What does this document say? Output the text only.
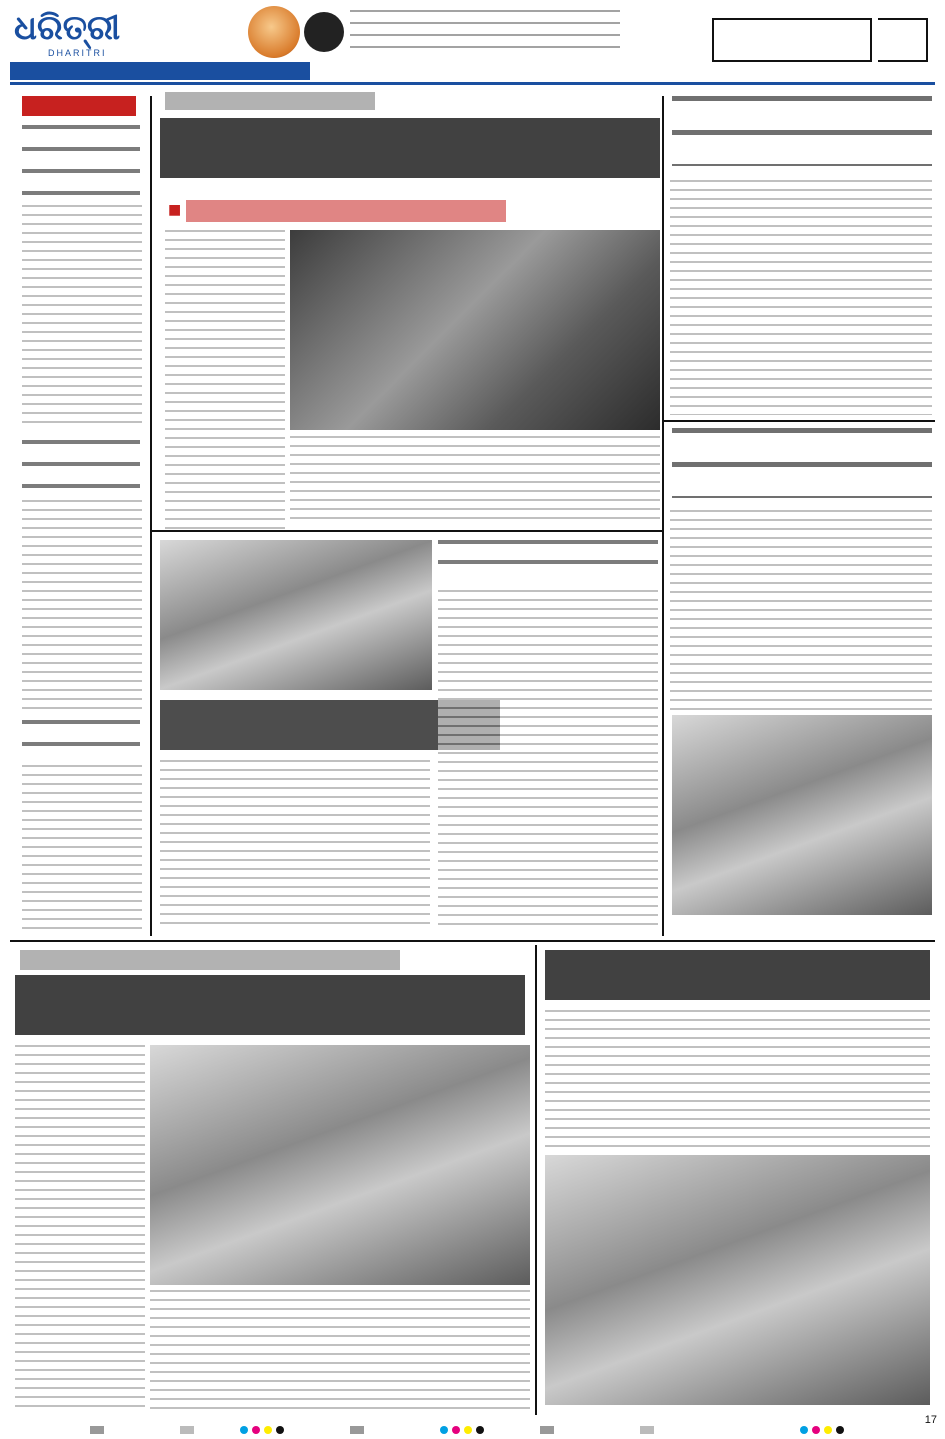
ଧରିତ୍ରୀ
DHARITRI
■
17
